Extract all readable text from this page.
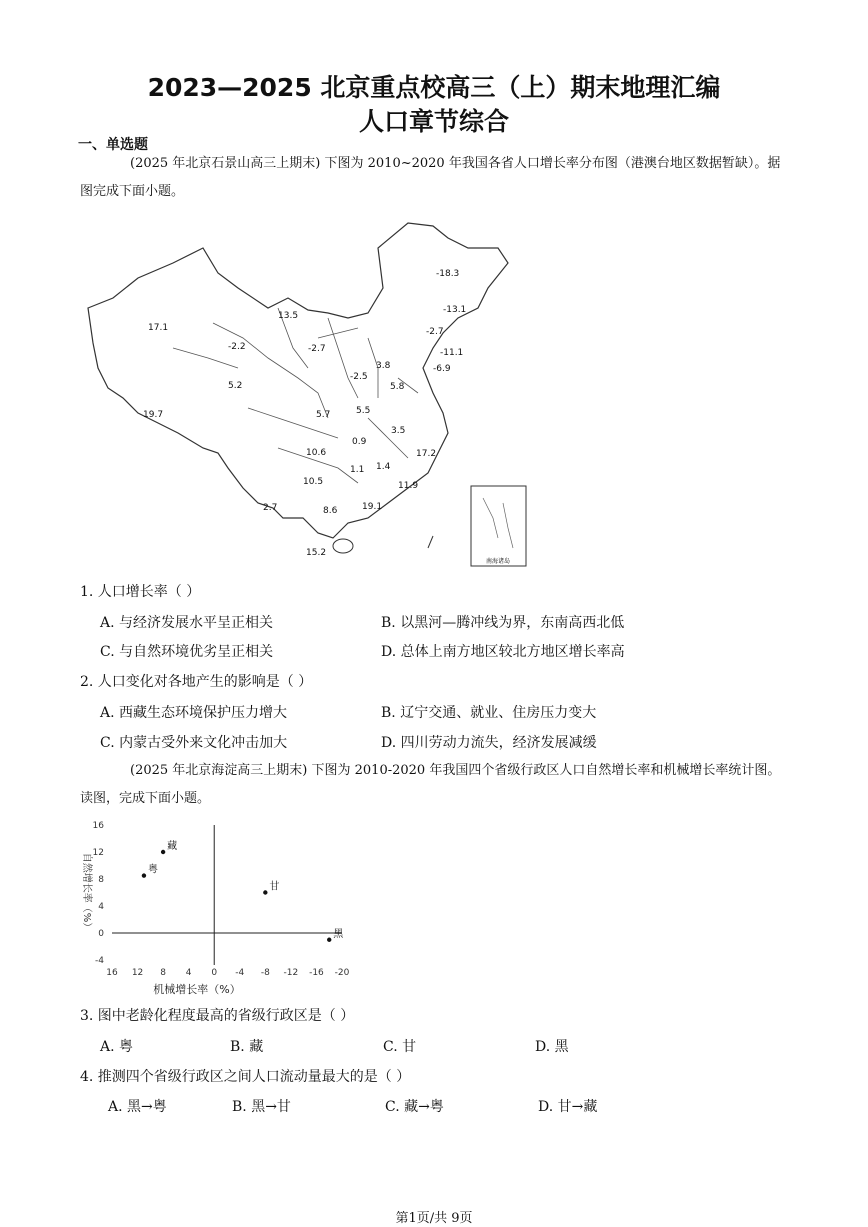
2023—2025 北京重点校高三（上）期末地理汇编
人口章节综合
一、单选题
(2025 年北京石景山高三上期末) 下图为 2010~2020 年我国各省人口增长率分布图（港澳台地区数据暂缺）。据图完成下面小题。
南海诸岛
-18.3
-13.1
-2.7
-11.1
-6.9
13.5
-2.7
17.1
-2.2
5.2
-2.5
3.8
5.8
19.7	5.7	5.5
3.5
0.9
10.6
1.1 1.4
17.2
10.5	11.9
2.7	8.6	19.1
15.2
1. 人口增长率（ ）
A. 与经济发展水平呈正相关	B. 以黑河—腾冲线为界，东南高西北低
C. 与自然环境优劣呈正相关	D. 总体上南方地区较北方地区增长率高
2. 人口变化对各地产生的影响是（ ）
A. 西藏生态环境保护压力增大	B. 辽宁交通、就业、住房压力变大
C. 内蒙古受外来文化冲击加大	D. 四川劳动力流失，经济发展减缓
(2025 年北京海淀高三上期末) 下图为 2010-2020 年我国四个省级行政区人口自然增长率和机械增长率统计图。读图，完成下面小题。
16 12 8 4 0 -4 -8 -12 -16 -20
16
12
8
4
0
-4
机械增长率（%）
自然增长率（%）
藏
粤
甘
黑
3. 图中老龄化程度最高的省级行政区是（ ）
A. 粤	B. 藏	C. 甘	D. 黑
4. 推测四个省级行政区之间人口流动量最大的是（ ）
A. 黑→粤	B. 黑→甘	C. 藏→粤	D. 甘→藏
第1页/共 9页
